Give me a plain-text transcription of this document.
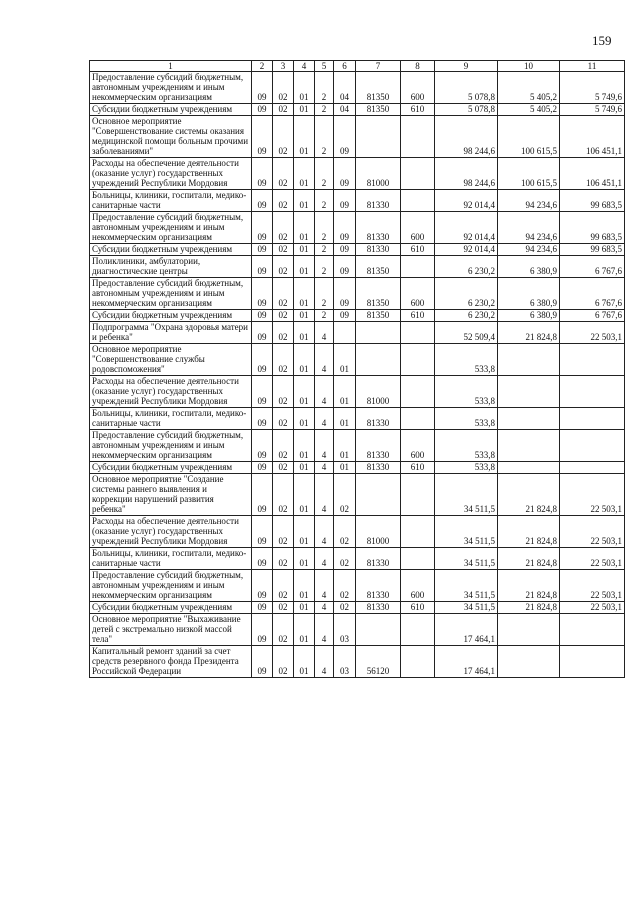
159
1	2	3	4	5	6	7	8	9	10	11
Предоставление субсидий бюджетным, автономным учреждениям и иным некоммерческим организациям	09	02	01	2	04	81350	600	5 078,8	5 405,2	5 749,6
Субсидии бюджетным учреждениям	09	02	01	2	04	81350	610	5 078,8	5 405,2	5 749,6
Основное мероприятие "Совершенствование системы оказания медицинской помощи больным прочими заболеваниями"	09	02	01	2	09			98 244,6	100 615,5	106 451,1
Расходы на обеспечение деятельности (оказание услуг) государственных учреждений Республики Мордовия	09	02	01	2	09	81000		98 244,6	100 615,5	106 451,1
Больницы, клиники, госпитали, медико-санитарные части	09	02	01	2	09	81330		92 014,4	94 234,6	99 683,5
Предоставление субсидий бюджетным, автономным учреждениям и иным некоммерческим организациям	09	02	01	2	09	81330	600	92 014,4	94 234,6	99 683,5
Субсидии бюджетным учреждениям	09	02	01	2	09	81330	610	92 014,4	94 234,6	99 683,5
Поликлиники, амбулатории, диагностические центры	09	02	01	2	09	81350		6 230,2	6 380,9	6 767,6
Предоставление субсидий бюджетным, автономным учреждениям и иным некоммерческим организациям	09	02	01	2	09	81350	600	6 230,2	6 380,9	6 767,6
Субсидии бюджетным учреждениям	09	02	01	2	09	81350	610	6 230,2	6 380,9	6 767,6
Подпрограмма "Охрана здоровья матери и ребенка"	09	02	01	4				52 509,4	21 824,8	22 503,1
Основное мероприятие "Совершенствование службы родовспоможения"	09	02	01	4	01			533,8		
Расходы на обеспечение деятельности (оказание услуг) государственных учреждений Республики Мордовия	09	02	01	4	01	81000		533,8		
Больницы, клиники, госпитали, медико-санитарные части	09	02	01	4	01	81330		533,8		
Предоставление субсидий бюджетным, автономным учреждениям и иным некоммерческим организациям	09	02	01	4	01	81330	600	533,8		
Субсидии бюджетным учреждениям	09	02	01	4	01	81330	610	533,8		
Основное мероприятие "Создание системы раннего выявления и коррекции нарушений развития ребенка"	09	02	01	4	02			34 511,5	21 824,8	22 503,1
Расходы на обеспечение деятельности (оказание услуг) государственных учреждений Республики Мордовия	09	02	01	4	02	81000		34 511,5	21 824,8	22 503,1
Больницы, клиники, госпитали, медико-санитарные части	09	02	01	4	02	81330		34 511,5	21 824,8	22 503,1
Предоставление субсидий бюджетным, автономным учреждениям и иным некоммерческим организациям	09	02	01	4	02	81330	600	34 511,5	21 824,8	22 503,1
Субсидии бюджетным учреждениям	09	02	01	4	02	81330	610	34 511,5	21 824,8	22 503,1
Основное мероприятие "Выхаживание детей с экстремально низкой массой тела"	09	02	01	4	03			17 464,1		
Капитальный ремонт зданий за счет средств резервного фонда Президента Российской Федерации	09	02	01	4	03	56120		17 464,1		
